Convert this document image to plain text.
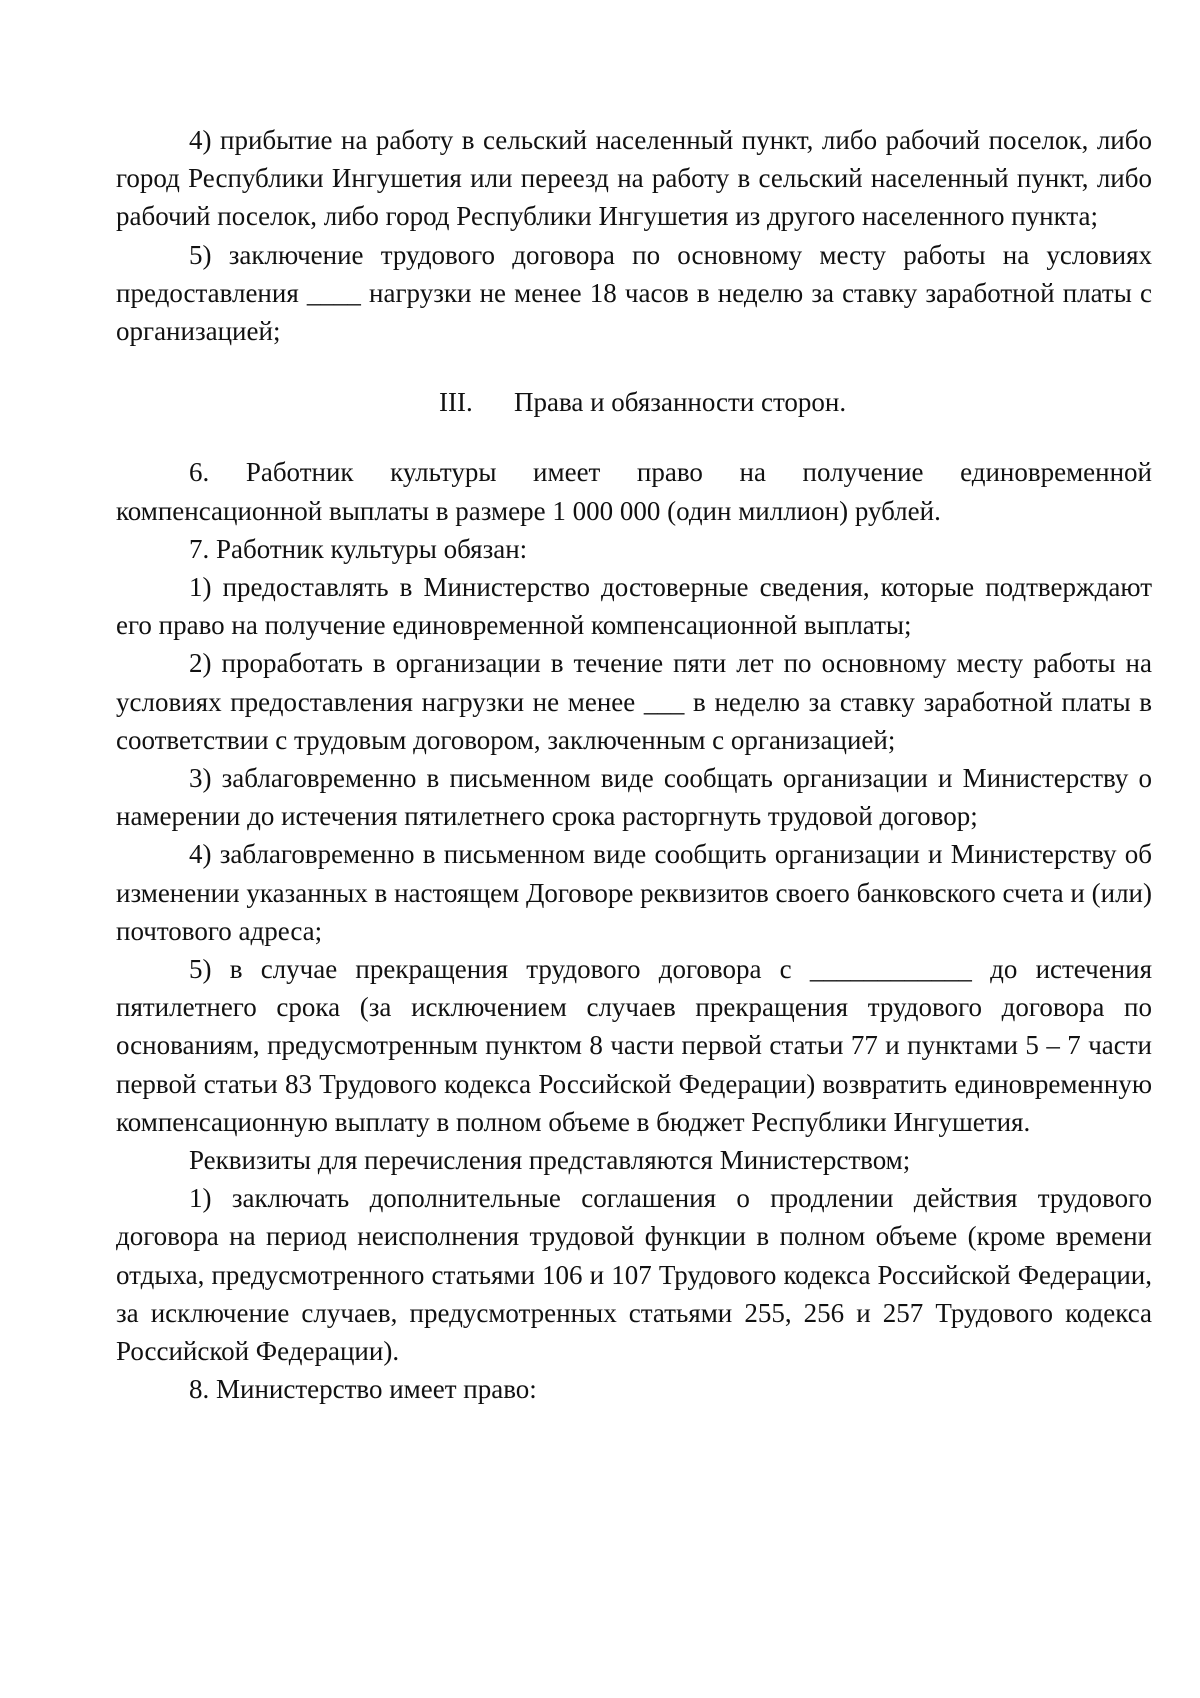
4) прибытие на работу в сельский населенный пункт, либо рабочий поселок, либо город Республики Ингушетия или переезд на работу в сельский населенный пункт, либо рабочий поселок, либо город Республики Ингушетия из другого населенного пункта;

5) заключение трудового договора по основному месту работы на условиях предоставления ____ нагрузки не менее 18 часов в неделю за ставку заработной платы с организацией;

III. Права и обязанности сторон.

6. Работник культуры имеет право на получение единовременной компенсационной выплаты в размере 1 000 000 (один миллион) рублей.

7. Работник культуры обязан:

1) предоставлять в Министерство достоверные сведения, которые подтверждают его право на получение единовременной компенсационной выплаты;

2) проработать в организации в течение пяти лет по основному месту работы на условиях предоставления нагрузки не менее ___ в неделю за ставку заработной платы в соответствии с трудовым договором, заключенным с организацией;

3) заблаговременно в письменном виде сообщать организации и Министерству о намерении до истечения пятилетнего срока расторгнуть трудовой договор;

4) заблаговременно в письменном виде сообщить организации и Министерству об изменении указанных в настоящем Договоре реквизитов своего банковского счета и (или) почтового адреса;

5) в случае прекращения трудового договора с ____________ до истечения пятилетнего срока (за исключением случаев прекращения трудового договора по основаниям, предусмотренным пунктом 8 части первой статьи 77 и пунктами 5 – 7 части первой статьи 83 Трудового кодекса Российской Федерации) возвратить единовременную компенсационную выплату в полном объеме в бюджет Республики Ингушетия.

Реквизиты для перечисления представляются Министерством;

1) заключать дополнительные соглашения о продлении действия трудового договора на период неисполнения трудовой функции в полном объеме (кроме времени отдыха, предусмотренного статьями 106 и 107 Трудового кодекса Российской Федерации, за исключение случаев, предусмотренных статьями 255, 256 и 257 Трудового кодекса Российской Федерации).

8. Министерство имеет право:
